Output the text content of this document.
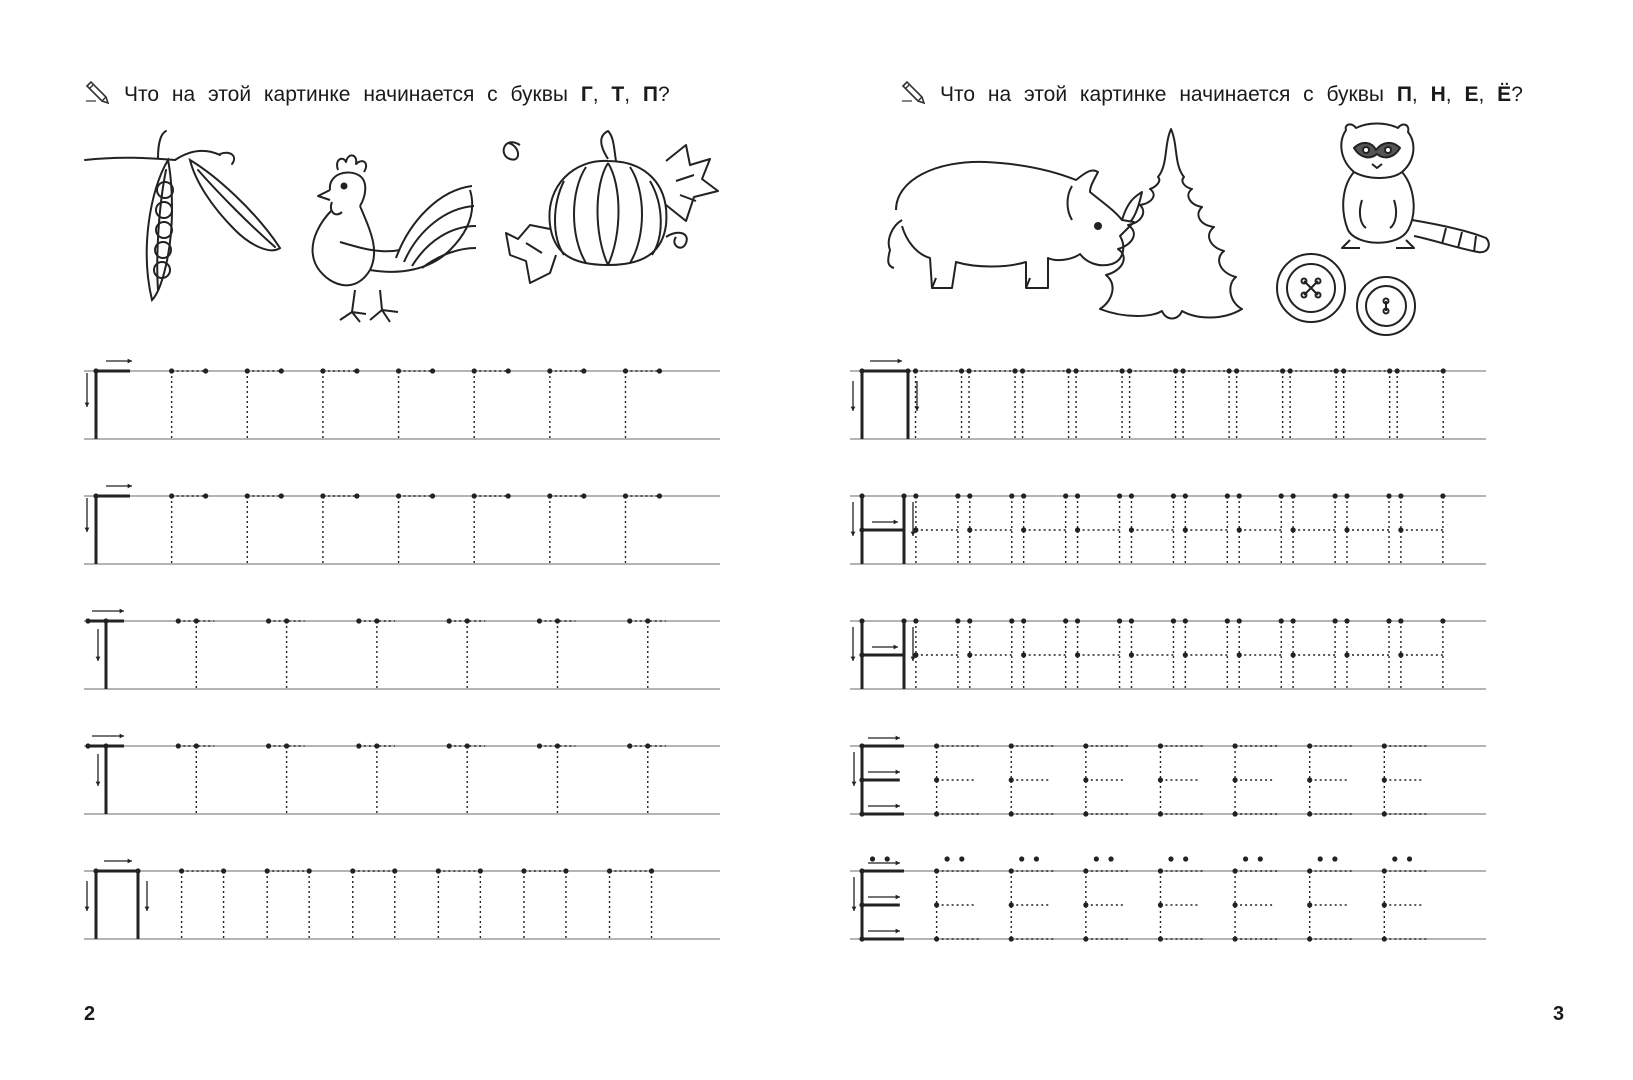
Что на этой картинке начинается с буквы Г, Т, П?
2
Что на этой картинке начинается с буквы П, Н, Е, Ё?
3
